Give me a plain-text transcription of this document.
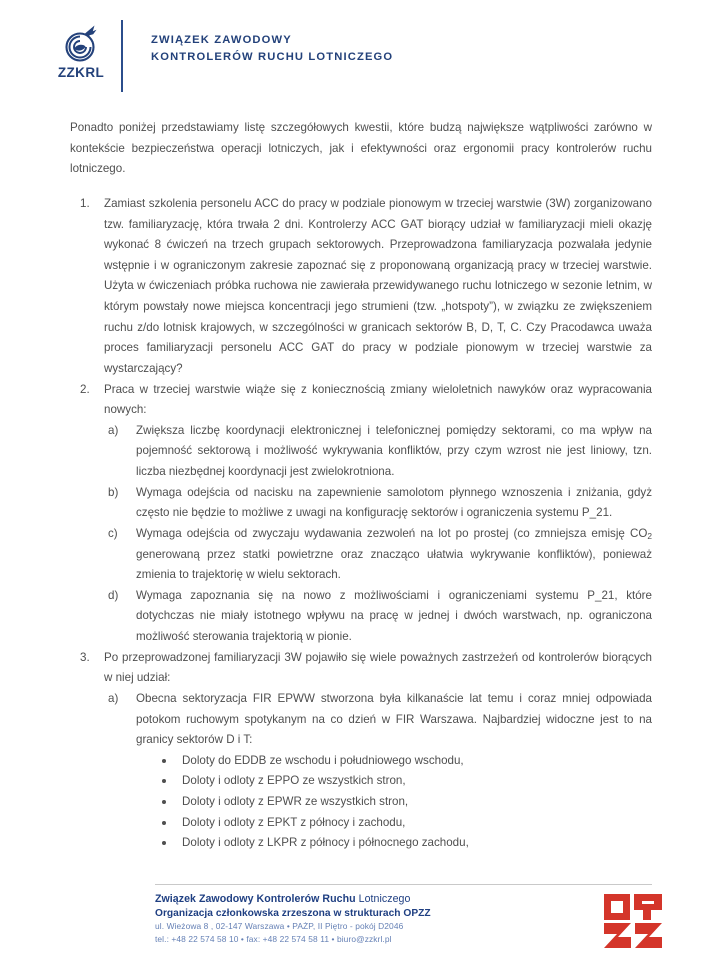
ZZKRL
ZWIĄZEK ZAWODOWY
KONTROLERÓW RUCHU LOTNICZEGO

Ponadto poniżej przedstawiamy listę szczegółowych kwestii, które budzą największe wątpliwości zarówno w kontekście bezpieczeństwa operacji lotniczych, jak i efektywności oraz ergonomii pracy kontrolerów ruchu lotniczego.

Zamiast szkolenia personelu ACC do pracy w podziale pionowym w trzeciej warstwie (3W) zorganizowano tzw. familiaryzację, która trwała 2 dni. Kontrolerzy ACC GAT biorący udział w familiaryzacji mieli okazję wykonać 8 ćwiczeń na trzech grupach sektorowych. Przeprowadzona familiaryzacja pozwalała jedynie wstępnie i w ograniczonym zakresie zapoznać się z proponowaną organizacją pracy w trzeciej warstwie. Użyta w ćwiczeniach próbka ruchowa nie zawierała przewidywanego ruchu lotniczego w sezonie letnim, w którym powstały nowe miejsca koncentracji jego strumieni (tzw. „hotspoty”), w związku ze zwiększeniem ruchu z/do lotnisk krajowych, w szczególności w granicach sektorów B, D, T, C. Czy Pracodawca uważa proces familiaryzacji personelu ACC GAT do pracy w podziale pionowym w trzeciej warstwie za wystarczający?
Praca w trzeciej warstwie wiąże się z koniecznością zmiany wieloletnich nawyków oraz wypracowania nowych:
Zwiększa liczbę koordynacji elektronicznej i telefonicznej pomiędzy sektorami, co ma wpływ na pojemność sektorową i możliwość wykrywania konfliktów, przy czym wzrost nie jest liniowy, tzn. liczba niezbędnej koordynacji jest zwielokrotniona.
Wymaga odejścia od nacisku na zapewnienie samolotom płynnego wznoszenia i zniżania, gdyż często nie będzie to możliwe z uwagi na konfigurację sektorów i ograniczenia systemu P_21.
Wymaga odejścia od zwyczaju wydawania zezwoleń na lot po prostej (co zmniejsza emisję $CO_2$ generowaną przez statki powietrzne oraz znacząco ułatwia wykrywanie konfliktów), ponieważ zmienia to trajektorię w wielu sektorach.
Wymaga zapoznania się na nowo z możliwościami i ograniczeniami systemu P_21, które dotychczas nie miały istotnego wpływu na pracę w jednej i dwóch warstwach, np. ograniczona możliwość sterowania trajektorią w pionie.
Po przeprowadzonej familiaryzacji 3W pojawiło się wiele poważnych zastrzeżeń od kontrolerów biorących w niej udział:
Obecna sektoryzacja FIR EPWW stworzona była kilkanaście lat temu i coraz mniej odpowiada potokom ruchowym spotykanym na co dzień w FIR Warszawa. Najbardziej widoczne jest to na granicy sektorów D i T:
Doloty do EDDB ze wschodu i południowego wschodu,
Doloty i odloty z EPPO ze wszystkich stron,
Doloty i odloty z EPWR ze wszystkich stron,
Doloty i odloty z EPKT z północy i zachodu,
Doloty i odloty z LKPR z północy i północnego zachodu,
Związek Zawodowy Kontrolerów Ruchu Lotniczego
Organizacja członkowska zrzeszona w strukturach OPZZ
ul. Wieżowa 8 , 02-147 Warszawa • PAŻP, II Piętro - pokój D2046
tel.: +48 22 574 58 10 • fax: +48 22 574 58 11 • biuro@zzkrl.pl
